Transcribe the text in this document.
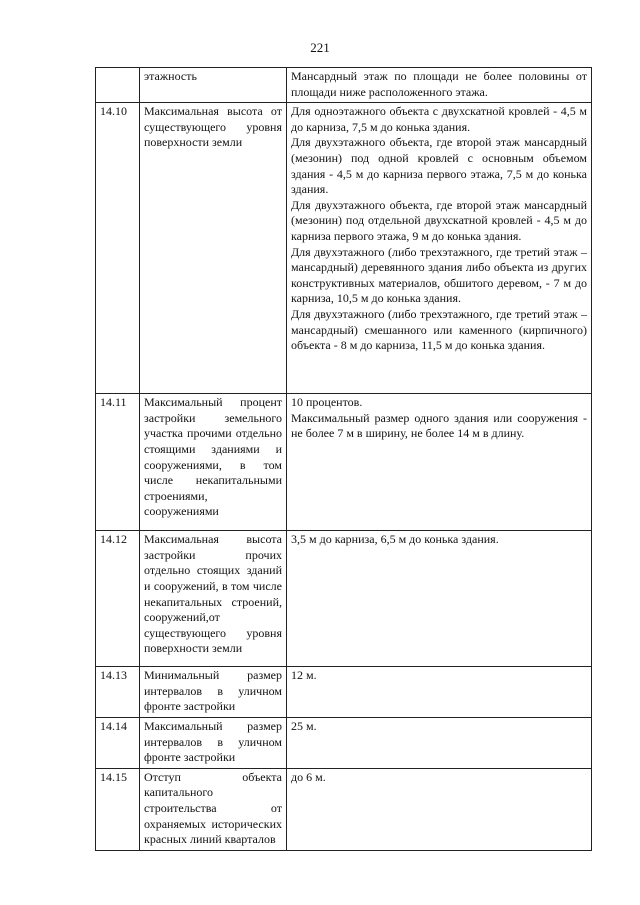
221
	этажность	Мансардный этаж по площади не более половины от площади ниже расположенного этажа.

14.10	Максимальная высота от существующего уровня поверхности земли	Для одноэтажного объекта с двухскатной кровлей - 4,5 м до карниза, 7,5 м до конька здания.
Для двухэтажного объекта, где второй этаж мансардный (мезонин) под одной кровлей с основным объемом здания - 4,5 м до карниза первого этажа, 7,5 м до конька здания.
Для двухэтажного объекта, где второй этаж мансардный (мезонин) под отдельной двухскатной кровлей - 4,5 м до карниза первого этажа, 9 м до конька здания.
Для двухэтажного (либо трехэтажного, где третий этаж – мансардный) деревянного здания либо объекта из других конструктивных материалов, обшитого деревом, - 7 м до карниза, 10,5 м до конька здания.
Для двухэтажного (либо трехэтажного, где третий этаж – мансардный) смешанного или каменного (кирпичного) объекта - 8 м до карниза, 11,5 м до конька здания.

14.11	Максимальный процент застройки земельного участка прочими отдельно стоящими зданиями и сооружениями, в том числе некапитальными строениями, сооружениями	10 процентов.
Максимальный размер одного здания или сооружения - не более 7 м в ширину, не более 14 м в длину.

14.12	Максимальная высота застройки прочих отдельно стоящих зданий и сооружений, в том числе некапитальных строений, сооружений,от существующего уровня поверхности земли	3,5 м до карниза, 6,5 м до конька здания.

14.13	Минимальный размер интервалов в уличном фронте застройки	12 м.

14.14	Максимальный размер интервалов в уличном фронте застройки	25 м.

14.15	Отступ объекта капитального строительства от охраняемых исторических красных линий кварталов	до 6 м.
